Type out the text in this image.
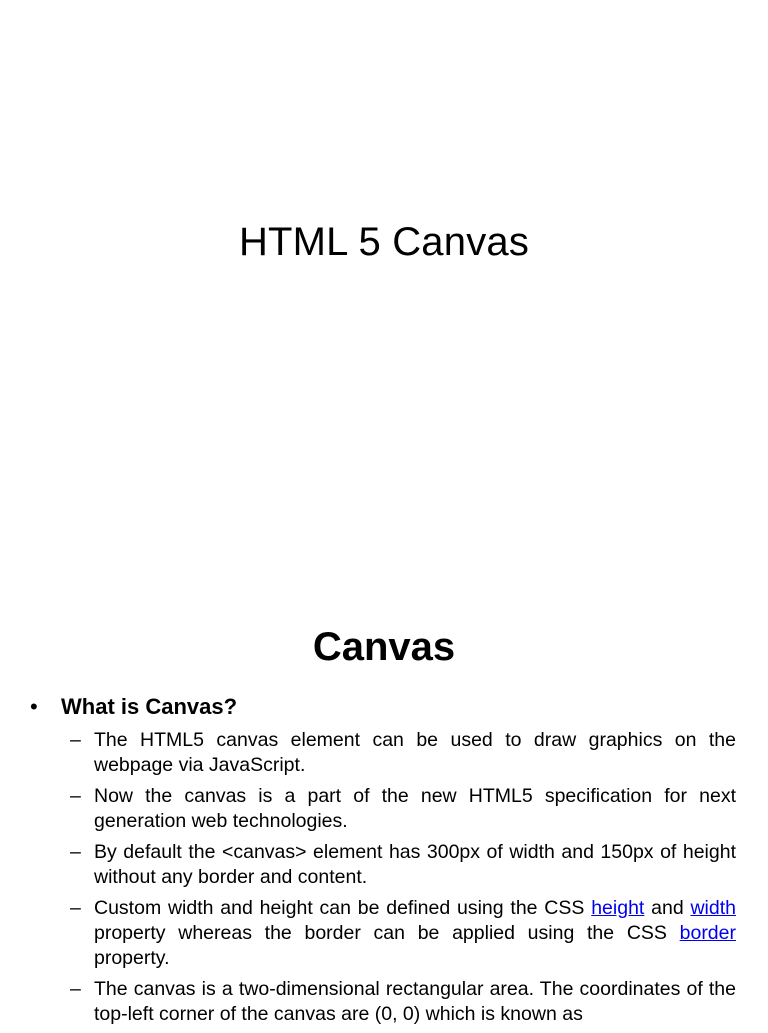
HTML 5 Canvas
Canvas
• What is Canvas?
– The HTML5 canvas element can be used to draw graphics on the webpage via JavaScript.
– Now the canvas is a part of the new HTML5 specification for next generation web technologies.
– By default the <canvas> element has 300px of width and 150px of height without any border and content.
– Custom width and height can be defined using the CSS height and width property whereas the border can be applied using the CSS border property.
– The canvas is a two-dimensional rectangular area. The coordinates of the top-left corner of the canvas are (0, 0) which is known as
